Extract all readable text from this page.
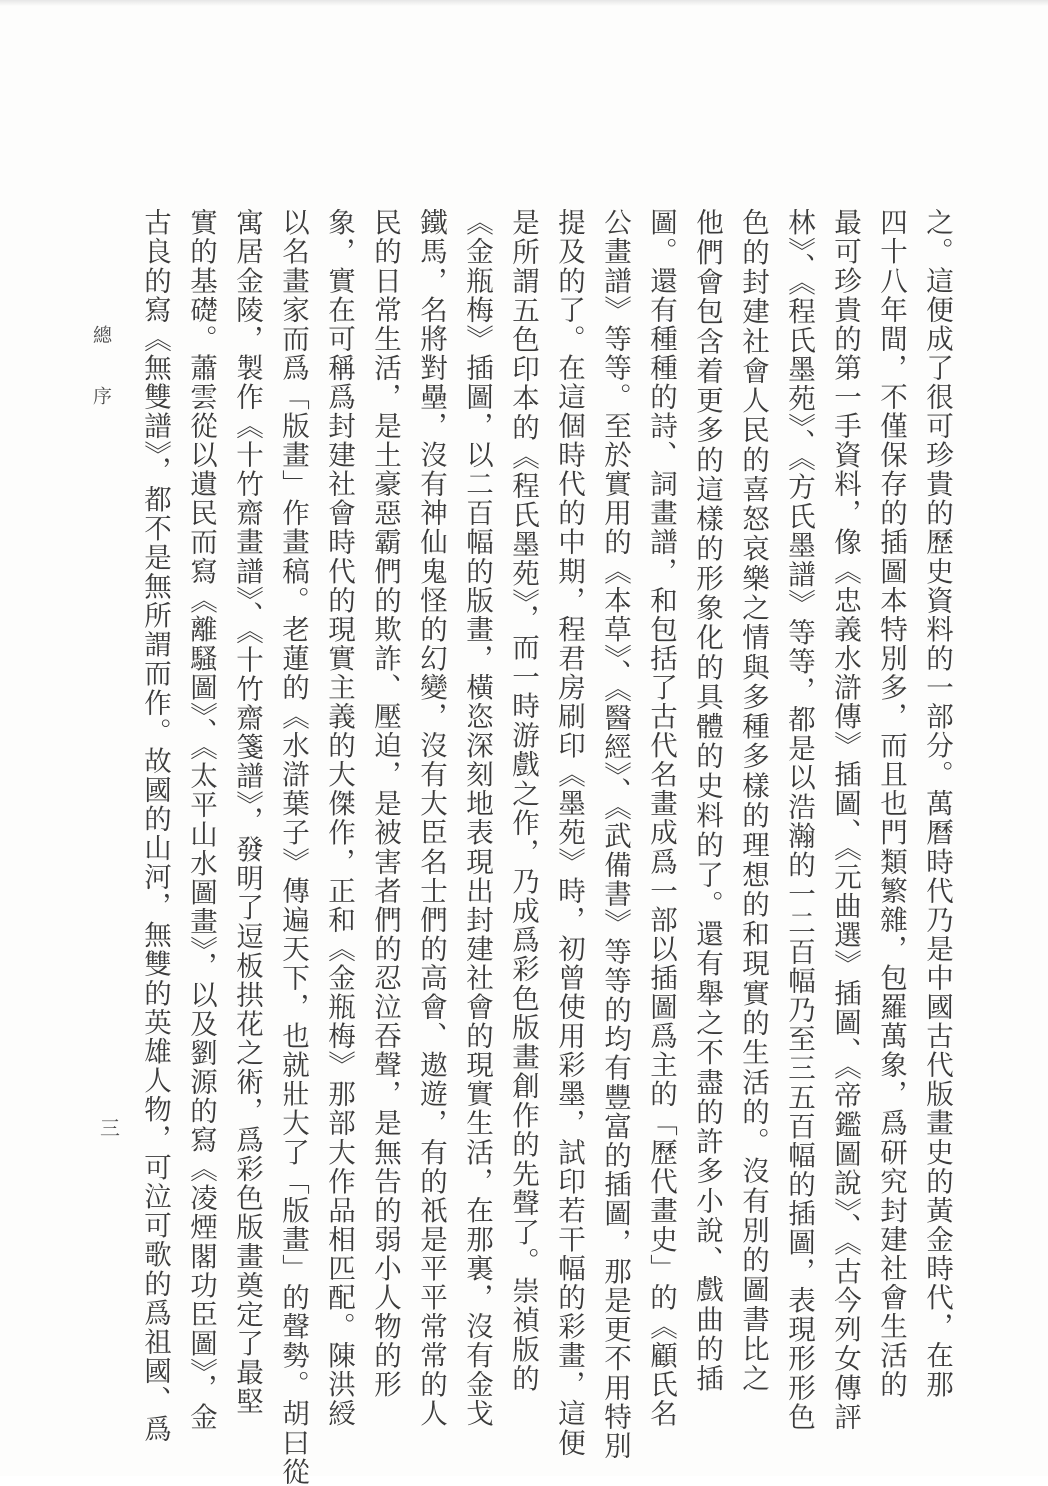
之。這便成了很可珍貴的歷史資料的一部分。萬曆時代乃是中國古代版畫史的黃金時代，在那
四十八年間，不僅保存的插圖本特別多，而且也門類繁雜，包羅萬象，爲研究封建社會生活的
最可珍貴的第一手資料，像《忠義水滸傳》插圖、《元曲選》插圖、《帝鑑圖說》、《古今列女傳評
林》、《程氏墨苑》、《方氏墨譜》等等，都是以浩瀚的一二百幅乃至三五百幅的插圖，表現形形色
色的封建社會人民的喜怒哀樂之情與多種多樣的理想的和現實的生活的。沒有別的圖書比之
他們會包含着更多的這樣的形象化的具體的史料的了。還有舉之不盡的許多小說、戲曲的插
圖。還有種種的詩、詞畫譜，和包括了古代名畫成爲一部以插圖爲主的「歷代畫史」的《顧氏名
公畫譜》等等。至於實用的《本草》、《醫經》、《武備書》等等的均有豐富的插圖，那是更不用特別
提及的了。在這個時代的中期，程君房刷印《墨苑》時，初曾使用彩墨，試印若干幅的彩畫，這便
是所謂五色印本的《程氏墨苑》，而一時游戲之作，乃成爲彩色版畫創作的先聲了。崇禎版的
《金瓶梅》插圖，以二百幅的版畫，橫恣深刻地表現出封建社會的現實生活，在那裏，沒有金戈
鐵馬，名將對壘，沒有神仙鬼怪的幻變，沒有大臣名士們的高會、遨遊，有的祇是平平常常的人
民的日常生活，是土豪惡霸們的欺詐、壓迫，是被害者們的忍泣吞聲，是無告的弱小人物的形
象，實在可稱爲封建社會時代的現實主義的大傑作，正和《金瓶梅》那部大作品相匹配。陳洪綬
以名畫家而爲「版畫」作畫稿。老蓮的《水滸葉子》傳遍天下，也就壯大了「版畫」的聲勢。胡曰從
寓居金陵，製作《十竹齋畫譜》、《十竹齋箋譜》，發明了逗板拱花之術，爲彩色版畫奠定了最堅
實的基礎。蕭雲從以遺民而寫《離騷圖》、《太平山水圖畫》，以及劉源的寫《凌煙閣功臣圖》，金
古良的寫《無雙譜》，都不是無所謂而作。故國的山河，無雙的英雄人物，可泣可歌的爲祖國、爲
總序
三
